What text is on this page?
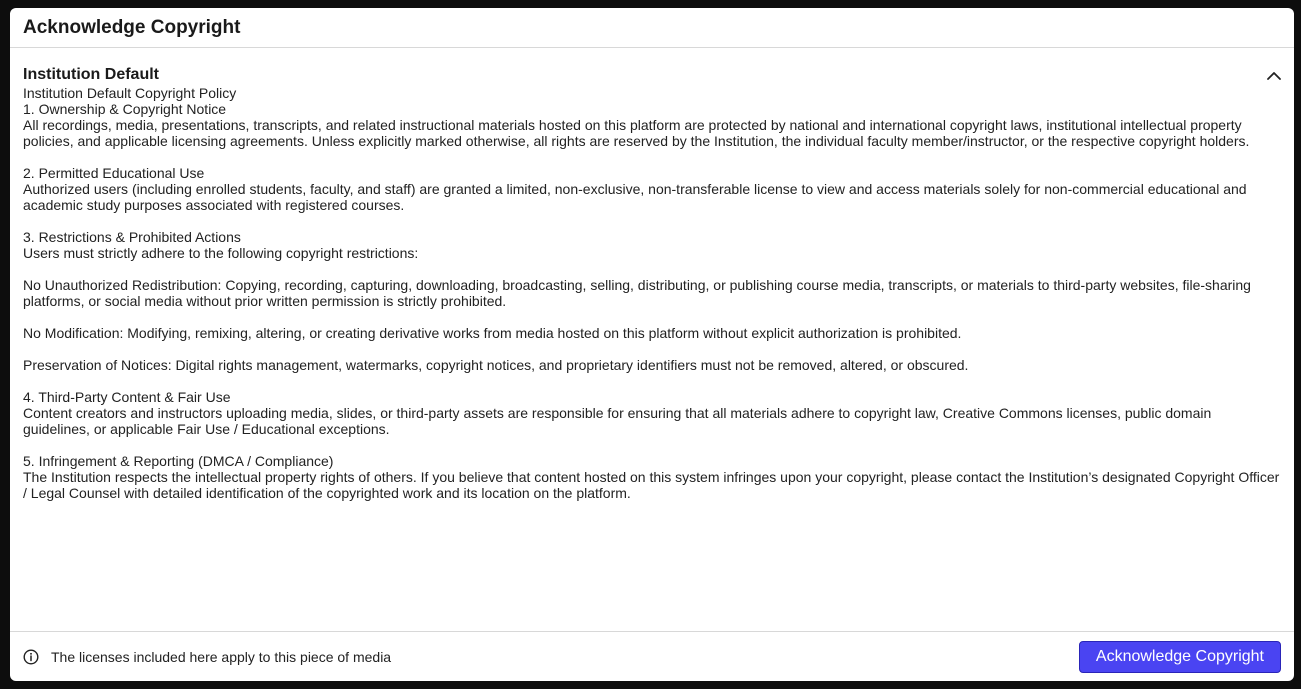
Acknowledge Copyright
Institution Default

Institution Default Copyright Policy

1. Ownership & Copyright Notice

All recordings, media, presentations, transcripts, and related instructional materials hosted on this platform are protected by national and international copyright laws, institutional intellectual property policies, and applicable licensing agreements. Unless explicitly marked otherwise, all rights are reserved by the Institution, the individual faculty member/instructor, or the respective copyright holders.

2. Permitted Educational Use

Authorized users (including enrolled students, faculty, and staff) are granted a limited, non-exclusive, non-transferable license to view and access materials solely for non-commercial educational and academic study purposes associated with registered courses.

3. Restrictions & Prohibited Actions

Users must strictly adhere to the following copyright restrictions:

No Unauthorized Redistribution: Copying, recording, capturing, downloading, broadcasting, selling, distributing, or publishing course media, transcripts, or materials to third-party websites, file-sharing platforms, or social media without prior written permission is strictly prohibited.

No Modification: Modifying, remixing, altering, or creating derivative works from media hosted on this platform without explicit authorization is prohibited.

Preservation of Notices: Digital rights management, watermarks, copyright notices, and proprietary identifiers must not be removed, altered, or obscured.

4. Third-Party Content & Fair Use

Content creators and instructors uploading media, slides, or third-party assets are responsible for ensuring that all materials adhere to copyright law, Creative Commons licenses, public domain guidelines, or applicable Fair Use / Educational exceptions.

5. Infringement & Reporting (DMCA / Compliance)

The Institution respects the intellectual property rights of others. If you believe that content hosted on this system infringes upon your copyright, please contact the Institution’s designated Copyright Officer / Legal Counsel with detailed identification of the copyrighted work and its location on the platform.

The licenses included here apply to this piece of media	Acknowledge Copyright
